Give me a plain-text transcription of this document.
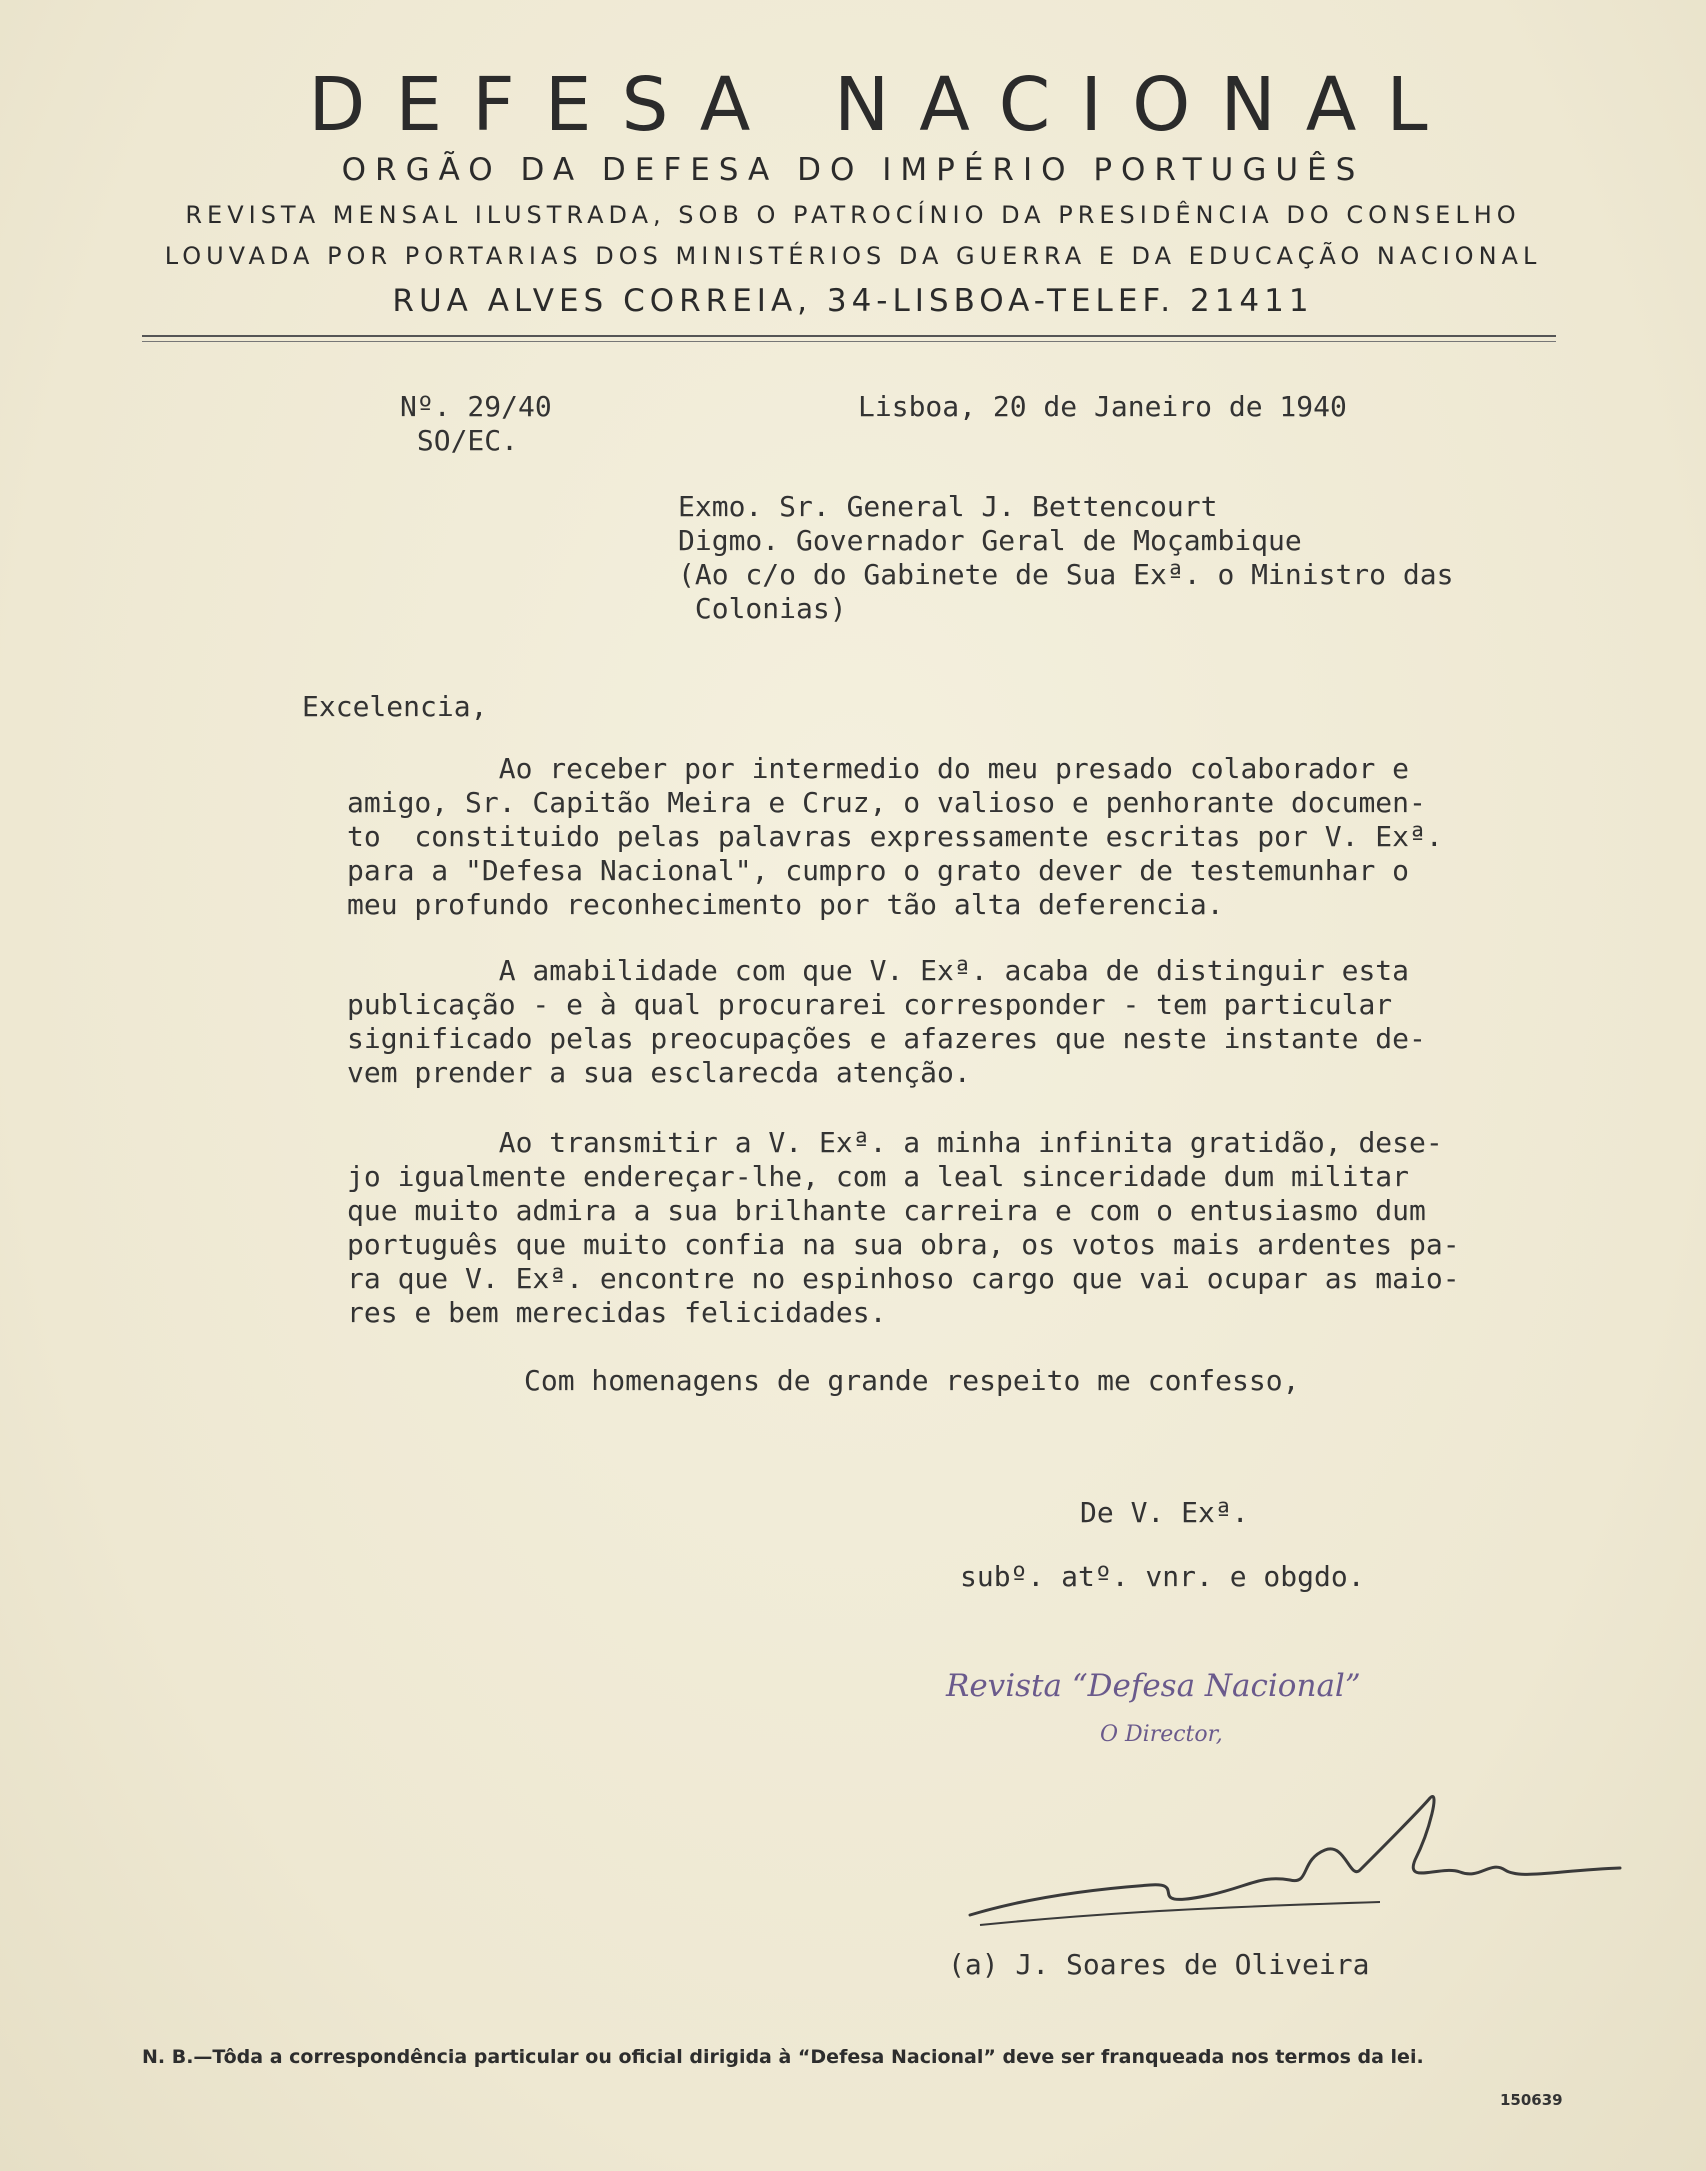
DEFESA NACIONAL
ORGÃO DA DEFESA DO IMPÉRIO PORTUGUÊS
REVISTA MENSAL ILUSTRADA, SOB O PATROCÍNIO DA PRESIDÊNCIA DO CONSELHO
LOUVADA POR PORTARIAS DOS MINISTÉRIOS DA GUERRA E DA EDUCAÇÃO NACIONAL
RUA ALVES CORREIA, 34-LISBOA-TELEF. 21411
Nº. 29/40
SO/EC.
Lisboa, 20 de Janeiro de 1940
Exmo. Sr. General J. Bettencourt
Digmo. Governador Geral de Moçambique
(Ao c/o do Gabinete de Sua Exª. o Ministro das
Colonias)
Excelencia,
Ao receber por intermedio do meu presado colaborador e
amigo, Sr. Capitão Meira e Cruz, o valioso e penhorante documen-
to  constituido pelas palavras expressamente escritas por V. Exª.
para a "Defesa Nacional", cumpro o grato dever de testemunhar o
meu profundo reconhecimento por tão alta deferencia.
A amabilidade com que V. Exª. acaba de distinguir esta
publicação - e à qual procurarei corresponder - tem particular
significado pelas preocupações e afazeres que neste instante de-
vem prender a sua esclarecda atenção.
Ao transmitir a V. Exª. a minha infinita gratidão, dese-
jo igualmente endereçar-lhe, com a leal sinceridade dum militar
que muito admira a sua brilhante carreira e com o entusiasmo dum
português que muito confia na sua obra, os votos mais ardentes pa-
ra que V. Exª. encontre no espinhoso cargo que vai ocupar as maio-
res e bem merecidas felicidades.
Com homenagens de grande respeito me confesso,
De V. Exª.
subº. atº. vnr. e obgdo.
Revista “Defesa Nacional”
O Director,
(a) J. Soares de Oliveira
N. B.—Tôda a correspondência particular ou oficial dirigida à “Defesa Nacional” deve ser franqueada nos termos da lei.
150639
